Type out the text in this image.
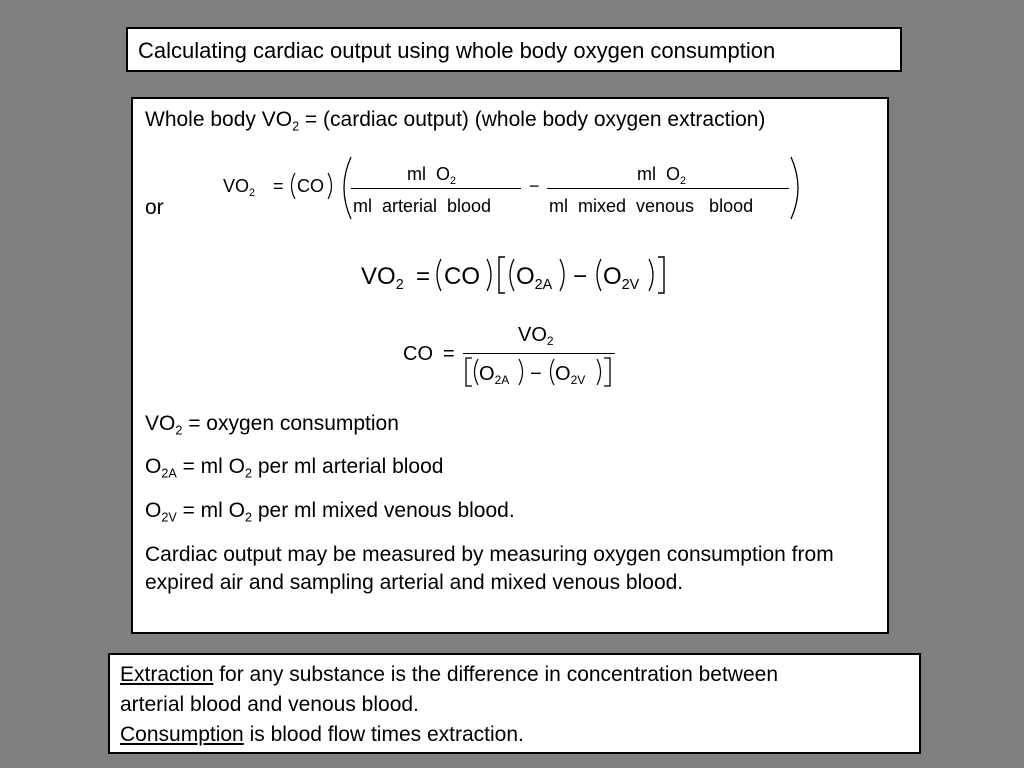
Calculating cardiac output using whole body oxygen consumption
Whole body $VO_2$ = (cardiac output) (whole body oxygen extraction)
or
$VO_2$ = CO
ml $O_2$
ml  arterial  blood
−
ml $O_2$
ml  mixed  venous   blood
$VO_2$ = CO $O_{2A} - O_{2V}$
CO =
$VO_2$
$O_{2A} - O_{2V}$
$VO_2$ = oxygen consumption
$O_{2A}$ = ml $O_2$ per ml arterial blood
$O_{2V}$ = ml $O_2$ per ml mixed venous blood.
Cardiac output may be measured by measuring oxygen consumption from expired air and sampling arterial and mixed venous blood.
Extraction for any substance is the difference in concentration between
arterial blood and venous blood.
Consumption is blood flow times extraction.
